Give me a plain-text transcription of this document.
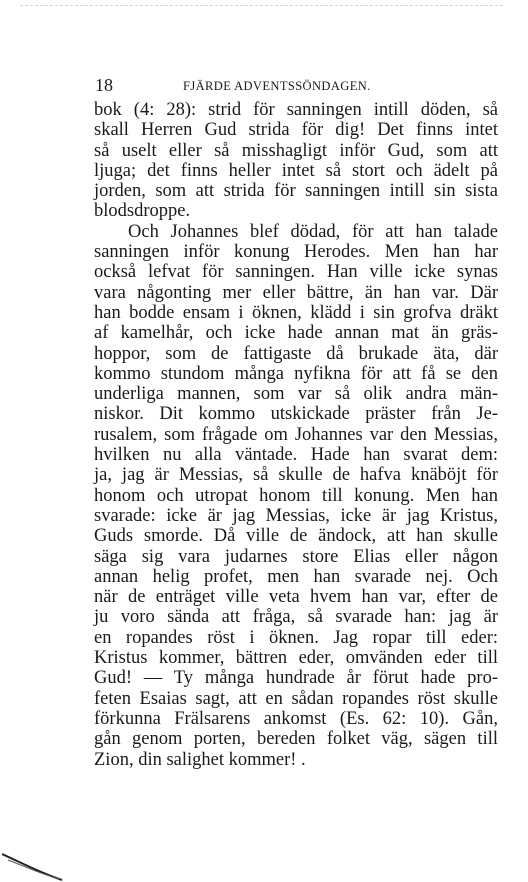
18	FJÄRDE ADVENTSSÖNDAGEN.
bok (4: 28): strid för sanningen intill döden, så
skall Herren Gud strida för dig! Det finns intet
så uselt eller så misshagligt inför Gud, som att
ljuga; det finns heller intet så stort och ädelt på
jorden, som att strida för sanningen intill sin sista
blodsdroppe.
Och Johannes blef dödad, för att han talade
sanningen inför konung Herodes. Men han har
också lefvat för sanningen. Han ville icke synas
vara någonting mer eller bättre, än han var. Där
han bodde ensam i öknen, klädd i sin grofva dräkt
af kamelhår, och icke hade annan mat än gräs-
hoppor, som de fattigaste då brukade äta, där
kommo stundom många nyfikna för att få se den
underliga mannen, som var så olik andra män-
niskor. Dit kommo utskickade präster från Je-
rusalem, som frågade om Johannes var den Messias,
hvilken nu alla väntade. Hade han svarat dem:
ja, jag är Messias, så skulle de hafva knäböjt för
honom och utropat honom till konung. Men han
svarade: icke är jag Messias, icke är jag Kristus,
Guds smorde. Då ville de ändock, att han skulle
säga sig vara judarnes store Elias eller någon
annan helig profet, men han svarade nej. Och
när de enträget ville veta hvem han var, efter de
ju voro sända att fråga, så svarade han: jag är
en ropandes röst i öknen. Jag ropar till eder:
Kristus kommer, bättren eder, omvänden eder till
Gud! — Ty många hundrade år förut hade pro-
feten Esaias sagt, att en sådan ropandes röst skulle
förkunna Frälsarens ankomst (Es. 62: 10). Gån,
gån genom porten, bereden folket väg, sägen till
Zion, din salighet kommer! .
